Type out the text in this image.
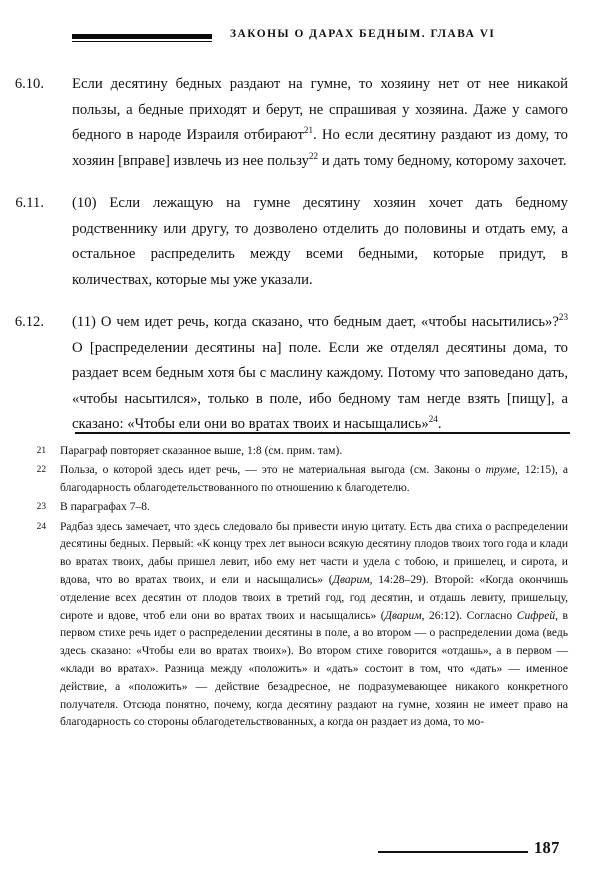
ЗАКОНЫ О ДАРАХ БЕДНЫМ. ГЛАВА VI
6.10. Если десятину бедных раздают на гумне, то хозяину нет от нее никакой пользы, а бедные приходят и берут, не спрашивая у хозяина. Даже у самого бедного в народе Израиля отбирают$^{21}$. Но если десятину раздают из дому, то хозяин [вправе] извлечь из нее пользу$^{22}$ и дать тому бедному, которому захочет.
6.11. (10) Если лежащую на гумне десятину хозяин хочет дать бедному родственнику или другу, то дозволено отделить до половины и отдать ему, а остальное распределить между всеми бедными, которые придут, в количествах, которые мы уже указали.
6.12. (11) О чем идет речь, когда сказано, что бедным дает, «чтобы насытились»?$^{23}$ О [распределении десятины на] поле. Если же отделял десятины дома, то раздает всем бедным хотя бы с маслину каждому. Потому что заповедано дать, «чтобы насытился», только в поле, ибо бедному там негде взять [пищу], а сказано: «Чтобы ели они во вратах твоих и насыщались»$^{24}$.
21 Параграф повторяет сказанное выше, 1:8 (см. прим. там).
22 Польза, о которой здесь идет речь, — это не материальная выгода (см. Законы о труме, 12:15), а благодарность облагодетельствованного по отношению к благодетелю.
23 В параграфах 7–8.
24 Радбаз здесь замечает, что здесь следовало бы привести иную цитату. Есть два стиха о распределении десятины бедных. Первый: «К концу трех лет выноси всякую десятину плодов твоих того года и клади во вратах твоих, дабы пришел левит, ибо ему нет части и удела с тобою, и пришелец, и сирота, и вдова, что во вратах твоих, и ели и насыщались» (Дварим, 14:28–29). Второй: «Когда окончишь отделение всех десятин от плодов твоих в третий год, год десятин, и отдашь левиту, пришельцу, сироте и вдове, чтоб ели они во вратах твоих и насыщались» (Дварим, 26:12). Согласно Сифрей, в первом стихе речь идет о распределении десятины в поле, а во втором — о распределении дома (ведь здесь сказано: «Чтобы ели во вратах твоих»). Во втором стихе говорится «отдашь», а в первом — «клади во вратах». Разница между «положить» и «дать» состоит в том, что «дать» — именное действие, а «положить» — действие безадресное, не подразумевающее никакого конкретного получателя. Отсюда понятно, почему, когда десятину раздают на гумне, хозяин не имеет право на благодарность со стороны облагодетельствованных, а когда он раздает из дома, то мо-
187
